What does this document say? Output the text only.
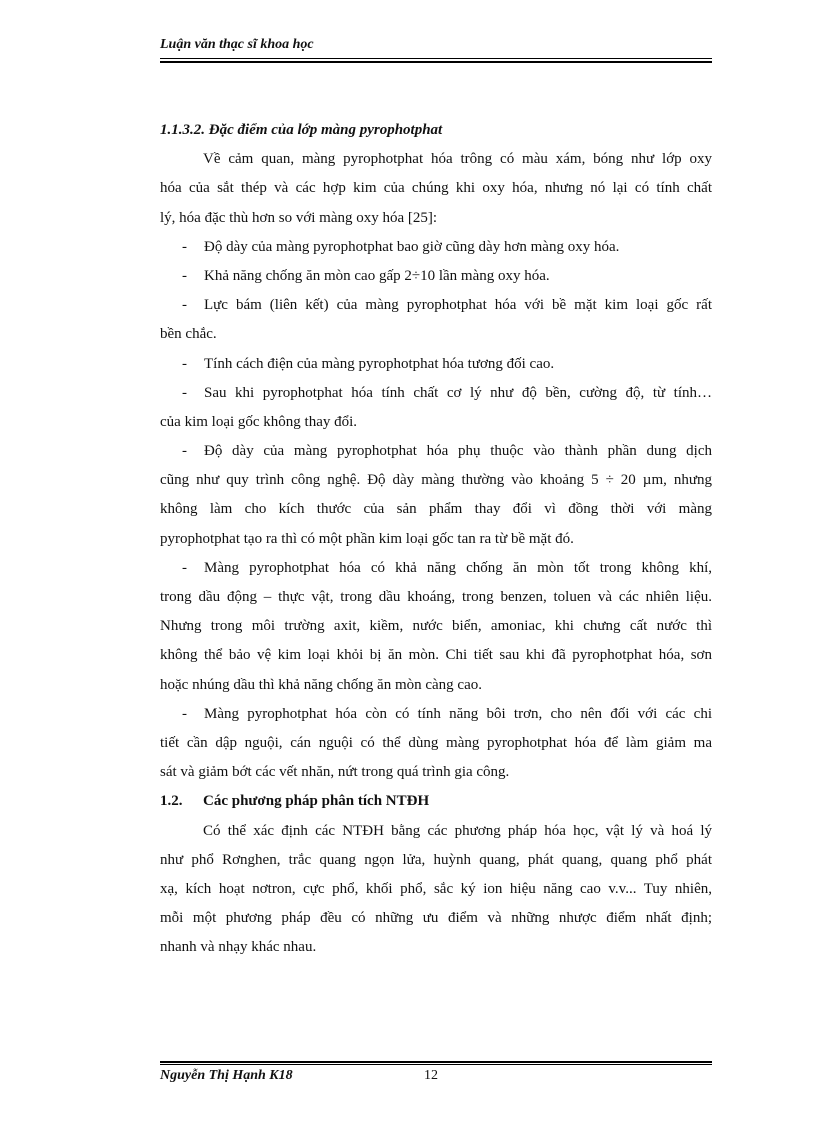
Luận văn thạc sĩ khoa học
1.1.3.2. Đặc điểm của lớp màng pyrophotphat
Về cảm quan, màng pyrophotphat hóa trông có màu xám, bóng như lớp oxy
hóa của sắt thép và các hợp kim của chúng khi oxy hóa, nhưng nó lại có tính chất
lý, hóa đặc thù hơn so với màng oxy hóa [25]:
- Độ dày của màng pyrophotphat bao giờ cũng dày hơn màng oxy hóa.
- Khả năng chống ăn mòn cao gấp 2÷10 lần màng oxy hóa.
-	Lực bám (liên kết) của màng pyrophotphat hóa với bề mặt kim loại gốc rất
bền chắc.
- Tính cách điện của màng pyrophotphat hóa tương đối cao.
-	Sau khi pyrophotphat hóa tính chất cơ lý như độ bền, cường độ, từ tính…
của kim loại gốc không thay đổi.
-	Độ dày của màng pyrophotphat hóa phụ thuộc vào thành phần dung dịch
cũng như quy trình công nghệ. Độ dày màng thường vào khoảng 5 ÷ 20 µm, nhưng
không làm cho kích thước của sản phẩm thay đổi vì đồng thời với màng
pyrophotphat tạo ra thì có một phần kim loại gốc tan ra từ bề mặt đó.
-	Màng pyrophotphat hóa có khả năng chống ăn mòn tốt trong không khí,
trong dầu động – thực vật, trong dầu khoáng, trong benzen, toluen và các nhiên liệu.
Nhưng trong môi trường axit, kiềm, nước biển, amoniac, khi chưng cất nước thì
không thể bảo vệ kim loại khỏi bị ăn mòn. Chi tiết sau khi đã pyrophotphat hóa, sơn
hoặc nhúng dầu thì khả năng chống ăn mòn càng cao.
-	Màng pyrophotphat hóa còn có tính năng bôi trơn, cho nên đối với các chi
tiết cần dập nguội, cán nguội có thể dùng màng pyrophotphat hóa để làm giảm ma
sát và giảm bớt các vết nhăn, nứt trong quá trình gia công.
1.2. Các phương pháp phân tích NTĐH
Có thể xác định các NTĐH bằng các phương pháp hóa học, vật lý và hoá lý
như phổ Rơnghen, trắc quang ngọn lửa, huỳnh quang, phát quang, quang phổ phát
xạ, kích hoạt nơtron, cực phổ, khối phổ, sắc ký ion hiệu năng cao v.v... Tuy nhiên,
mỗi một phương pháp đều có những ưu điểm và những nhược điểm nhất định;
nhanh và nhạy khác nhau.
Nguyễn Thị Hạnh K18	12
